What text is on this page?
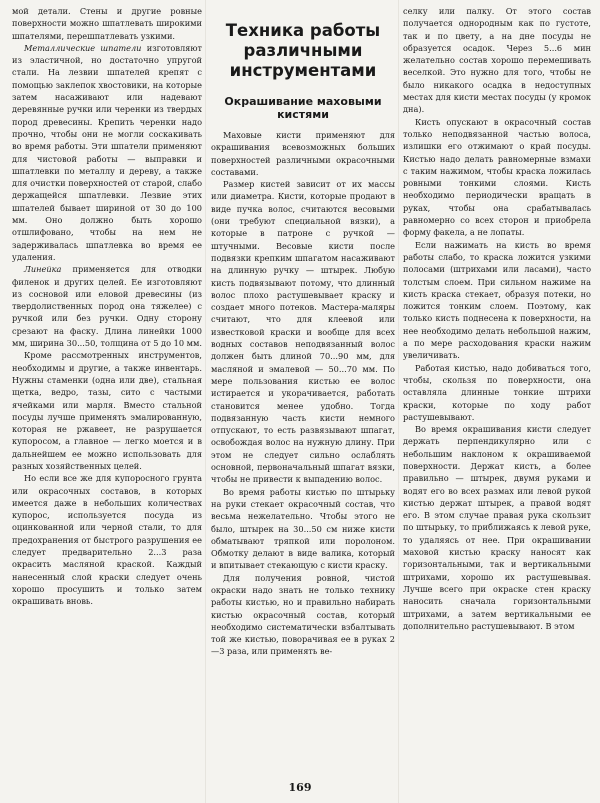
мой детали. Стены и другие ровные поверхности можно шпатлевать широкими шпателями, перешпатлевать узкими.

Металлические шпатели изготовляют из эластичной, но достаточно упругой стали. На лезвии шпателей крепят с помощью заклепок хвостовики, на которые затем насаживают или надевают деревянные ручки или черенки из твердых пород древесины. Крепить черенки надо прочно, чтобы они не могли соскакивать во время работы. Эти шпатели применяют для чистовой работы — выправки и шпатлевки по металлу и дереву, а также для очистки поверхностей от старой, слабо держащейся шпатлевки. Лезвие этих шпателей бывает шириной от 30 до 100 мм. Оно должно быть хорошо отшлифовано, чтобы на нем не задерживалась шпатлевка во время ее удаления.

Линейка применяется для отводки филенок и других целей. Ее изготовляют из сосновой или еловой древесины (из твердолиственных пород она тяжелее) с ручкой или без ручки. Одну сторону срезают на фаску. Длина линейки 1000 мм, ширина 30...50, толщина от 5 до 10 мм.

Кроме рассмотренных инструментов, необходимы и другие, а также инвентарь. Нужны стаменки (одна или две), стальная щетка, ведро, тазы, сито с частыми ячейками или марля. Вместо стальной посуды лучше применять эмалированную, которая не ржавеет, не разрушается купоросом, а главное — легко моется и в дальнейшем ее можно использовать для разных хозяйственных целей.

Но если все же для купоросного грунта или окрасочных составов, в которых имеется даже в небольших количествах купорос, используется посуда из оцинкованной или черной стали, то для предохранения от быстрого разрушения ее следует предварительно 2...3 раза окрасить масляной краской. Каждый нанесенный слой краски следует очень хорошо просушить и только затем окрашивать вновь.

Техника работы различными инструментами
Окрашивание маховыми кистями

Маховые кисти применяют для окрашивания всевозможных больших поверхностей различными окрасочными составами.

Размер кистей зависит от их массы или диаметра. Кисти, которые продают в виде пучка волос, считаются весовыми (они требуют специальной вязки), а которые в патроне с ручкой — штучными. Весовые кисти после подвязки крепким шпагатом насаживают на длинную ручку — штырек. Любую кисть подвязывают потому, что длинный волос плохо растушевывает краску и создает много потеков. Мастера-маляры считают, что для клеевой или известковой краски и вообще для всех водных составов неподвязанный волос должен быть длиной 70...90 мм, для масляной и эмалевой — 50...70 мм. По мере пользования кистью ее волос истирается и укорачивается, работать становится менее удобно. Тогда подвязанную часть кисти немного отпускают, то есть развязывают шпагат, освобождая волос на нужную длину. При этом не следует сильно ослаблять основной, первоначальный шпагат вязки, чтобы не привести к выпадению волос.

Во время работы кистью по штырьку на руки стекает окрасочный состав, что весьма нежелательно. Чтобы этого не было, штырек на 30...50 см ниже кисти обматывают тряпкой или поролоном. Обмотку делают в виде валика, который и впитывает стекающую с кисти краску.

Для получения ровной, чистой окраски надо знать не только технику работы кистью, но и правильно набирать кистью окрасочный состав, который необходимо систематически взбалтывать той же кистью, поворачивая ее в руках 2—3 раза, или применять ве-

селку или палку. От этого состав получается однородным как по густоте, так и по цвету, а на дне посуды не образуется осадок. Через 5...6 мин желательно состав хорошо перемешивать веселкой. Это нужно для того, чтобы не было никакого осадка в недоступных местах для кисти местах посуды (у кромок дна).

Кисть опускают в окрасочный состав только неподвязанной частью волоса, излишки его отжимают о край посуды. Кистью надо делать равномерные взмахи с таким нажимом, чтобы краска ложилась ровными тонкими слоями. Кисть необходимо периодически вращать в руках, чтобы она срабатывалась равномерно со всех сторон и приобрела форму факела, а не лопаты.

Если нажимать на кисть во время работы слабо, то краска ложится узкими полосами (штрихами или ласами), часто толстым слоем. При сильном нажиме на кисть краска стекает, образуя потеки, но ложится тонким слоем. Поэтому, как только кисть поднесена к поверхности, на нее необходимо делать небольшой нажим, а по мере расходования краски нажим увеличивать.

Работая кистью, надо добиваться того, чтобы, скользя по поверхности, она оставляла длинные тонкие штрихи краски, которые по ходу работ растушевывают.

Во время окрашивания кисти следует держать перпендикулярно или с небольшим наклоном к окрашиваемой поверхности. Держат кисть, а более правильно — штырек, двумя руками и водят его во всех размах или левой рукой кистью держат штырек, а правой водят его. В этом случае правая рука скользит по штырьку, то приближаясь к левой руке, то удаляясь от нее. При окрашивании маховой кистью краску наносят как горизонтальными, так и вертикальными штрихами, хорошо их растушевывая. Лучше всего при окраске стен краску наносить сначала горизонтальными штрихами, а затем вертикальными ее дополнительно растушевывают. В этом

169
